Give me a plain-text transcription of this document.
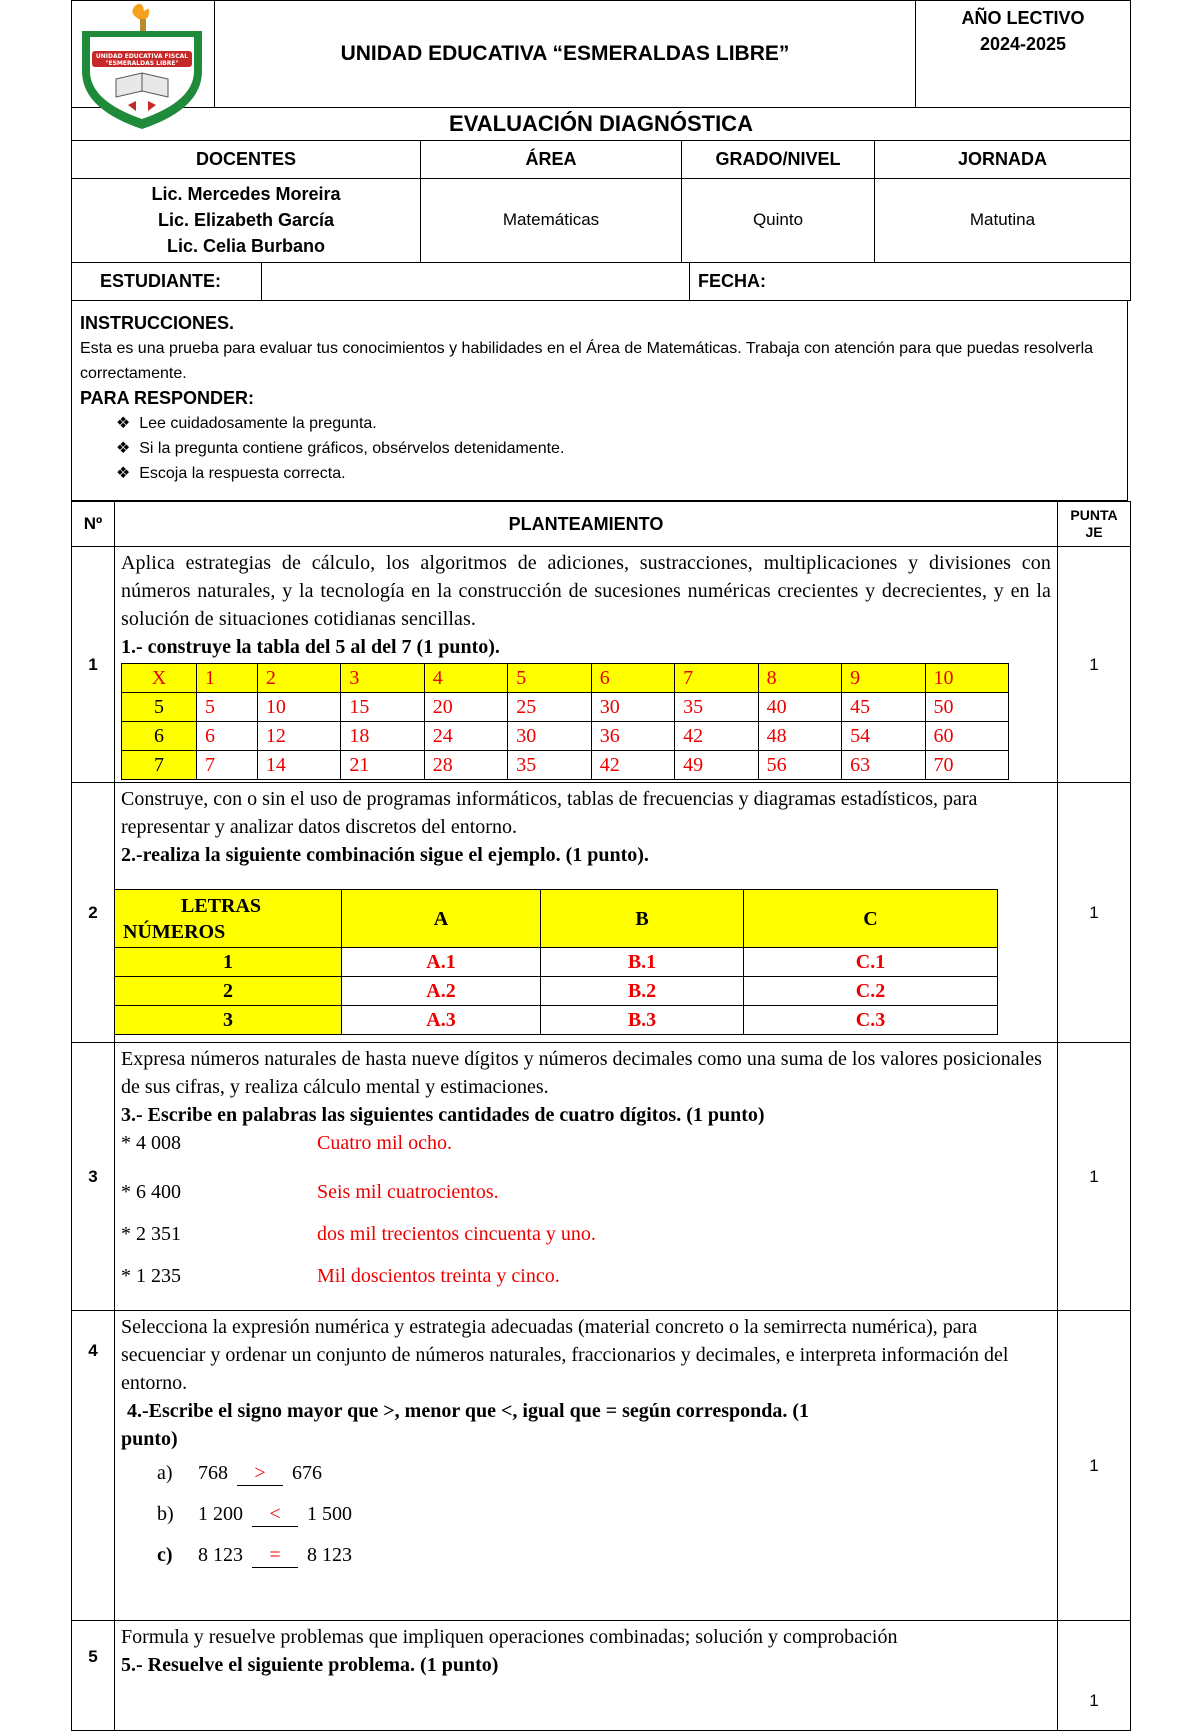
UNIDAD EDUCATIVA FISCAL
"ESMERALDAS LIBRE"	UNIDAD EDUCATIVA “ESMERALDAS LIBRE”	
AÑO LECTIVO
2024-2025
EVALUACIÓN DIAGNÓSTICA			
DOCENTES	ÁREA	GRADO/NIVEL	JORNADA

Lic. Mercedes Moreira
Lic. Elizabeth García
Lic. Celia Burbano	Matemáticas	Quinto	Matutina
ESTUDIANTE:		FECHA:
INSTRUCCIONES.
Esta es una prueba para evaluar tus conocimientos y habilidades en el Área de Matemáticas. Trabaja con atención para que puedas resolverla correctamente.
PARA RESPONDER:
❖ Lee cuidadosamente la pregunta.
❖ Si la pregunta contiene gráficos, obsérvelos detenidamente.
❖ Escoja la respuesta correcta.
Nº	PLANTEAMIENTO	PUNTA
JE

1	
Aplica estrategias de cálculo, los algoritmos de adiciones, sustracciones, multiplicaciones y divisiones con números naturales, y la tecnología en la construcción de sucesiones numéricas crecientes y decrecientes, y en la solución de situaciones cotidianas sencillas.
1.- construye la tabla del 5 al del 7 (1 punto).
X	1	2	3	4	5	6	7	8	9	10
5	5	10	15	20	25	30	35	40	45	50
6	6	12	18	24	30	36	42	48	54	60
7	7	14	21	28	35	42	49	56	63	70
	1
2	
Construye, con o sin el uso de programas informáticos, tablas de frecuencias y diagramas estadísticos, para representar y analizar datos discretos del entorno.
2.-realiza la siguiente combinación sigue el ejemplo. (1 punto).
LETRAS
NÚMEROS
	A	B	C
1	A.1	B.1	C.1
2	A.2	B.2	C.2
3	A.3	B.3	C.3
	1
3	
Expresa números naturales de hasta nueve dígitos y números decimales como una suma de los valores posicionales de sus cifras, y realiza cálculo mental y estimaciones.
3.- Escribe en palabras las siguientes cantidades de cuatro dígitos. (1 punto)
* 4 008	Cuatro mil ocho.
* 6 400	Seis mil cuatrocientos.
* 2 351	dos mil trecientos cincuenta y uno.
* 1 235	Mil doscientos treinta y cinco.
	1
4	
Selecciona la expresión numérica y estrategia adecuadas (material concreto o la semirrecta numérica), para secuenciar y ordenar un conjunto de números naturales, fraccionarios y decimales, e interpreta información del entorno.
4.-Escribe el signo mayor que >, menor que <, igual que = según corresponda. (1
punto)
a) 768 > 676
b) 1 200 < 1 500
c) 8 123 = 8 123
	1
5	
Formula y resuelve problemas que impliquen operaciones combinadas; solución y comprobación
5.- Resuelve el siguiente problema. (1 punto)
	1
